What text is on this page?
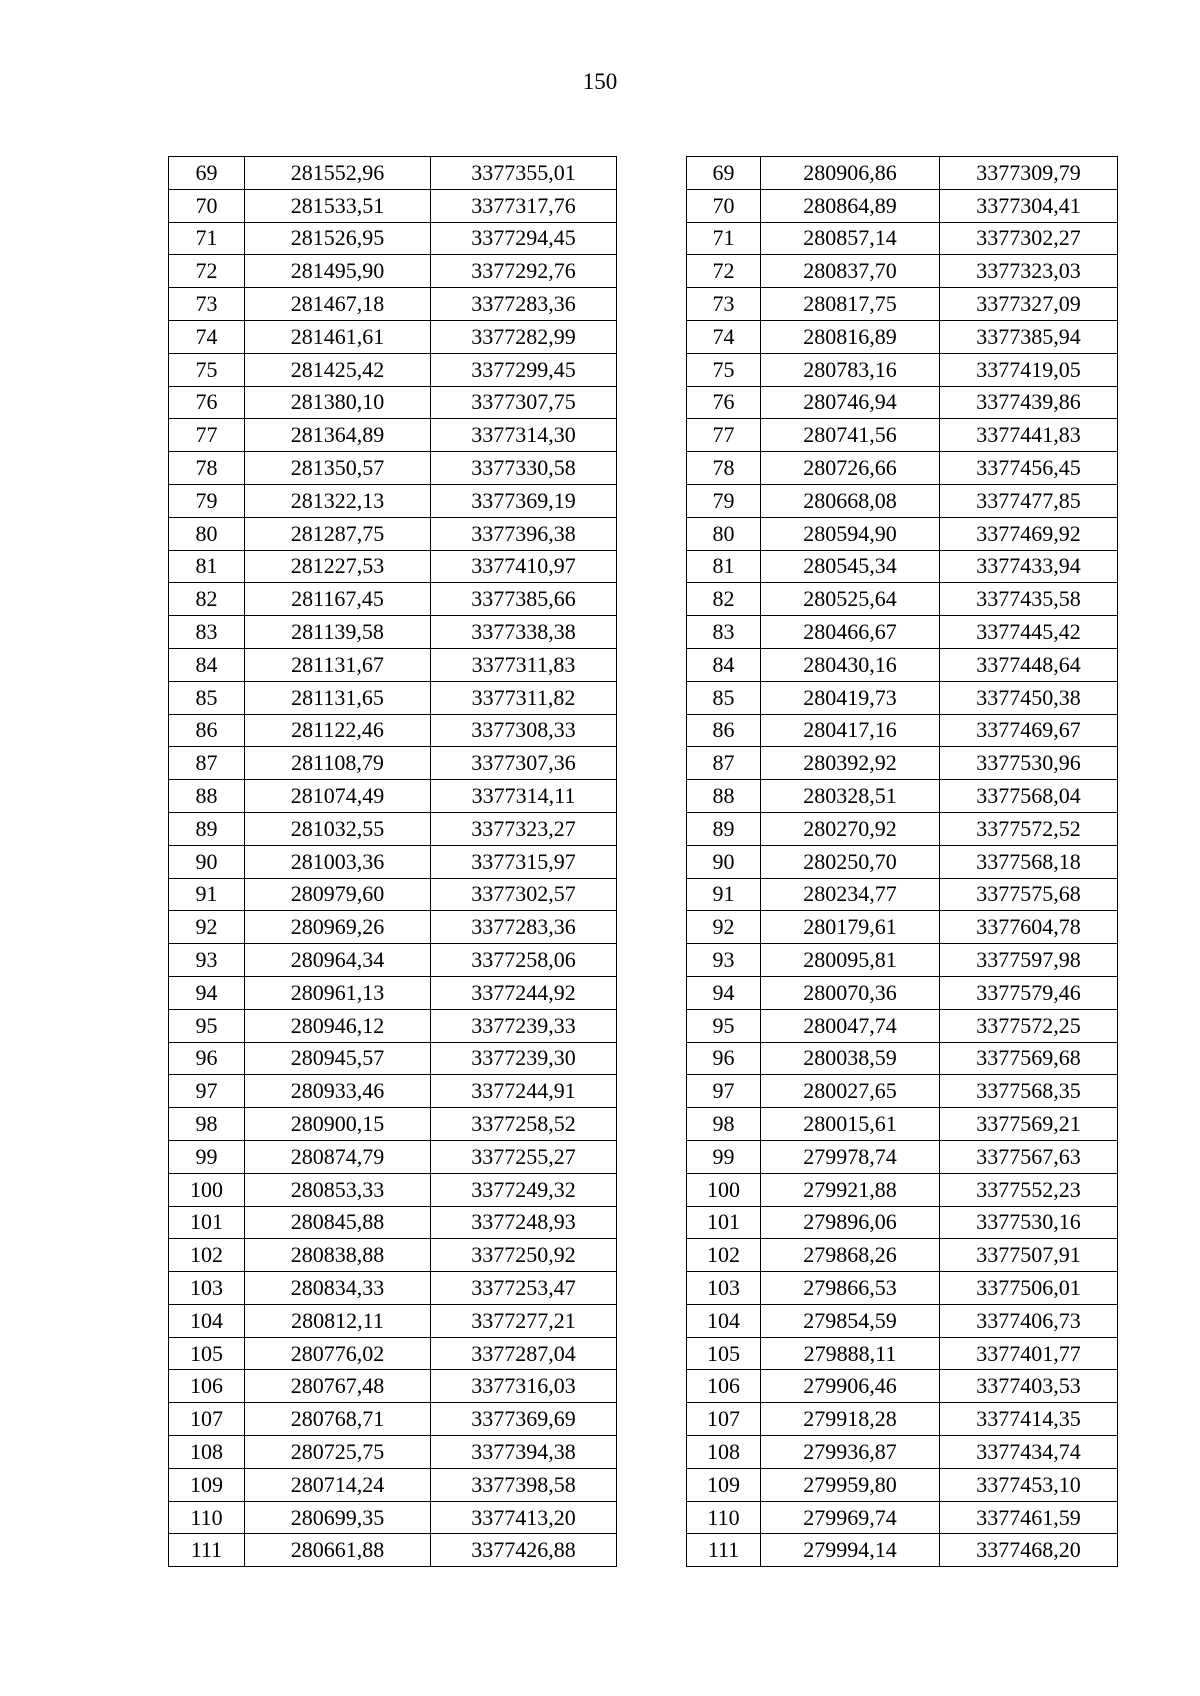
150
69	281552,96	3377355,01
70	281533,51	3377317,76
71	281526,95	3377294,45
72	281495,90	3377292,76
73	281467,18	3377283,36
74	281461,61	3377282,99
75	281425,42	3377299,45
76	281380,10	3377307,75
77	281364,89	3377314,30
78	281350,57	3377330,58
79	281322,13	3377369,19
80	281287,75	3377396,38
81	281227,53	3377410,97
82	281167,45	3377385,66
83	281139,58	3377338,38
84	281131,67	3377311,83
85	281131,65	3377311,82
86	281122,46	3377308,33
87	281108,79	3377307,36
88	281074,49	3377314,11
89	281032,55	3377323,27
90	281003,36	3377315,97
91	280979,60	3377302,57
92	280969,26	3377283,36
93	280964,34	3377258,06
94	280961,13	3377244,92
95	280946,12	3377239,33
96	280945,57	3377239,30
97	280933,46	3377244,91
98	280900,15	3377258,52
99	280874,79	3377255,27
100	280853,33	3377249,32
101	280845,88	3377248,93
102	280838,88	3377250,92
103	280834,33	3377253,47
104	280812,11	3377277,21
105	280776,02	3377287,04
106	280767,48	3377316,03
107	280768,71	3377369,69
108	280725,75	3377394,38
109	280714,24	3377398,58
110	280699,35	3377413,20
111	280661,88	3377426,88
69	280906,86	3377309,79
70	280864,89	3377304,41
71	280857,14	3377302,27
72	280837,70	3377323,03
73	280817,75	3377327,09
74	280816,89	3377385,94
75	280783,16	3377419,05
76	280746,94	3377439,86
77	280741,56	3377441,83
78	280726,66	3377456,45
79	280668,08	3377477,85
80	280594,90	3377469,92
81	280545,34	3377433,94
82	280525,64	3377435,58
83	280466,67	3377445,42
84	280430,16	3377448,64
85	280419,73	3377450,38
86	280417,16	3377469,67
87	280392,92	3377530,96
88	280328,51	3377568,04
89	280270,92	3377572,52
90	280250,70	3377568,18
91	280234,77	3377575,68
92	280179,61	3377604,78
93	280095,81	3377597,98
94	280070,36	3377579,46
95	280047,74	3377572,25
96	280038,59	3377569,68
97	280027,65	3377568,35
98	280015,61	3377569,21
99	279978,74	3377567,63
100	279921,88	3377552,23
101	279896,06	3377530,16
102	279868,26	3377507,91
103	279866,53	3377506,01
104	279854,59	3377406,73
105	279888,11	3377401,77
106	279906,46	3377403,53
107	279918,28	3377414,35
108	279936,87	3377434,74
109	279959,80	3377453,10
110	279969,74	3377461,59
111	279994,14	3377468,20
